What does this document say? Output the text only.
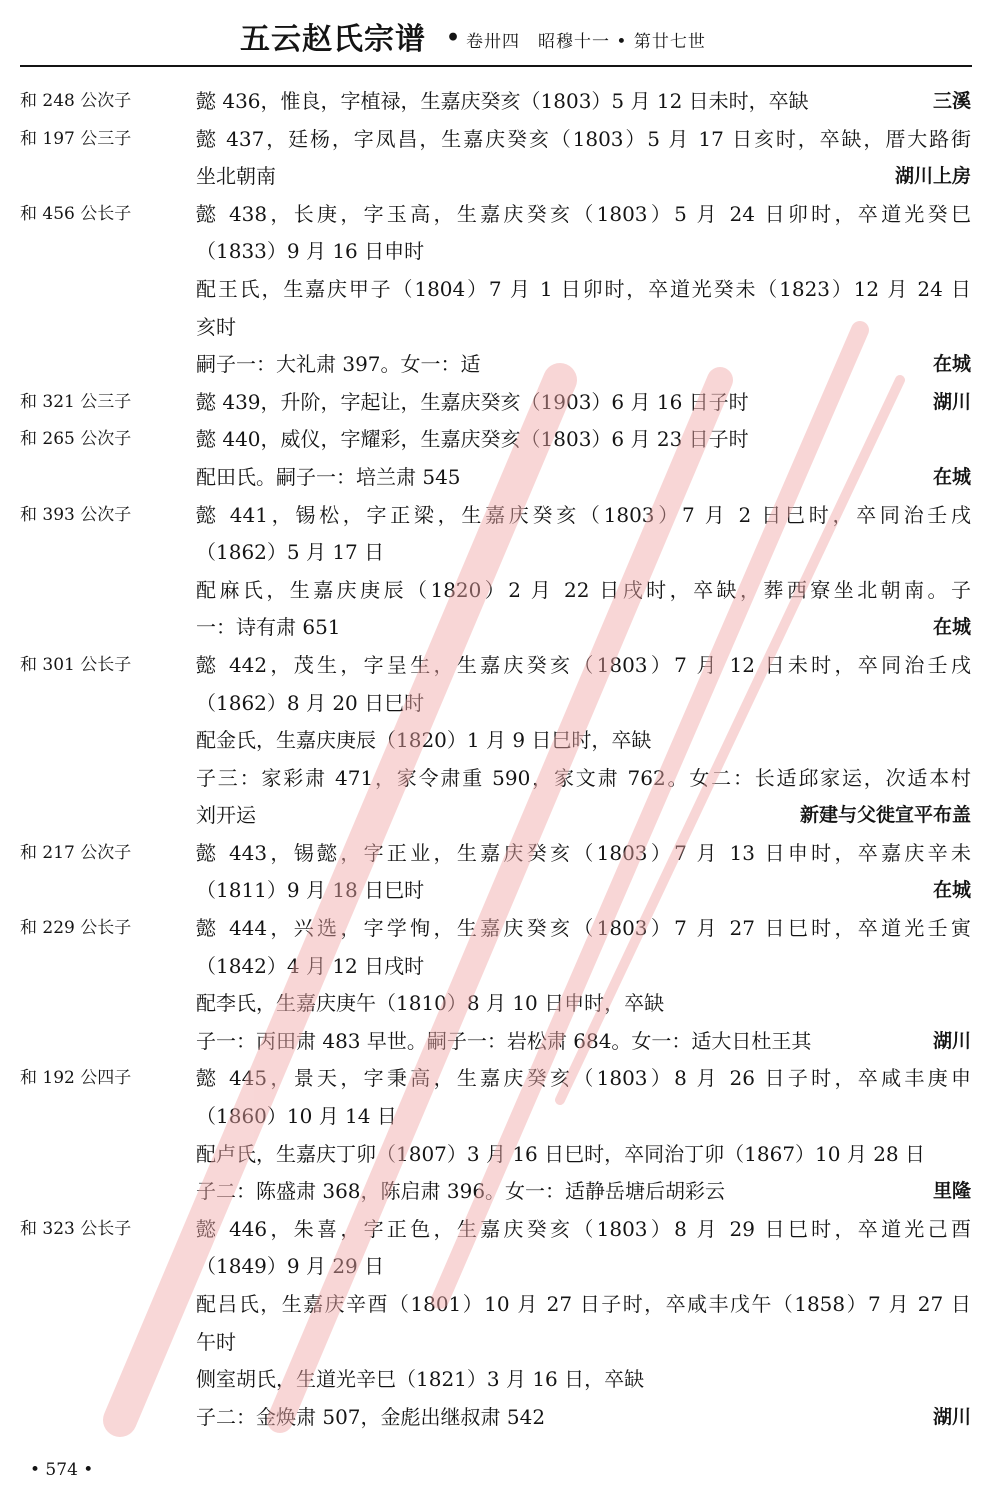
五云赵氏宗谱 • 卷卅四　昭穆十一 • 第廿七世
和 248 公次子	懿 436，惟良，字植禄，生嘉庆癸亥（1803）5 月 12 日未时，卒缺	三溪
和 197 公三子	懿 437，廷杨，字凤昌，生嘉庆癸亥（1803）5 月 17 日亥时，卒缺，厝大路街
坐北朝南	湖川上房
和 456 公长子	懿 438，长庚，字玉高，生嘉庆癸亥（1803）5 月 24 日卯时，卒道光癸巳
（1833）9 月 16 日申时
配王氏，生嘉庆甲子（1804）7 月 1 日卯时，卒道光癸未（1823）12 月 24 日
亥时
嗣子一：大礼肃 397。女一：适	在城
和 321 公三子	懿 439，升阶，字起让，生嘉庆癸亥（1903）6 月 16 日子时	湖川
和 265 公次子	懿 440，威仪，字耀彩，生嘉庆癸亥（1803）6 月 23 日子时
配田氏。嗣子一：培兰肃 545	在城
和 393 公次子	懿 441，锡松，字正梁，生嘉庆癸亥（1803）7 月 2 日巳时，卒同治壬戌
（1862）5 月 17 日
配麻氏，生嘉庆庚辰（1820）2 月 22 日戌时，卒缺，葬西寮坐北朝南。子
一：诗有肃 651	在城
和 301 公长子	懿 442，茂生，字呈生，生嘉庆癸亥（1803）7 月 12 日未时，卒同治壬戌
（1862）8 月 20 日巳时
配金氏，生嘉庆庚辰（1820）1 月 9 日巳时，卒缺
子三：家彩肃 471，家令肃重 590，家文肃 762。女二：长适邱家运，次适本村
刘开运	新建与父徙宣平布盖
和 217 公次子	懿 443，锡懿，字正业，生嘉庆癸亥（1803）7 月 13 日申时，卒嘉庆辛未
（1811）9 月 18 日巳时	在城
和 229 公长子	懿 444，兴选，字学恂，生嘉庆癸亥（1803）7 月 27 日巳时，卒道光壬寅
（1842）4 月 12 日戌时
配李氏，生嘉庆庚午（1810）8 月 10 日申时，卒缺
子一：丙田肃 483 早世。嗣子一：岩松肃 684。女一：适大日杜王其	湖川
和 192 公四子	懿 445，景天，字秉高，生嘉庆癸亥（1803）8 月 26 日子时，卒咸丰庚申
（1860）10 月 14 日
配卢氏，生嘉庆丁卯（1807）3 月 16 日巳时，卒同治丁卯（1867）10 月 28 日
子二：陈盛肃 368，陈启肃 396。女一：适静岳塘后胡彩云	里隆
和 323 公长子	懿 446，朱喜，字正色，生嘉庆癸亥（1803）8 月 29 日巳时，卒道光己酉
（1849）9 月 29 日
配吕氏，生嘉庆辛酉（1801）10 月 27 日子时，卒咸丰戊午（1858）7 月 27 日
午时
侧室胡氏，生道光辛巳（1821）3 月 16 日，卒缺
子二：金焕肃 507，金彪出继叔肃 542	湖川
• 574 •
